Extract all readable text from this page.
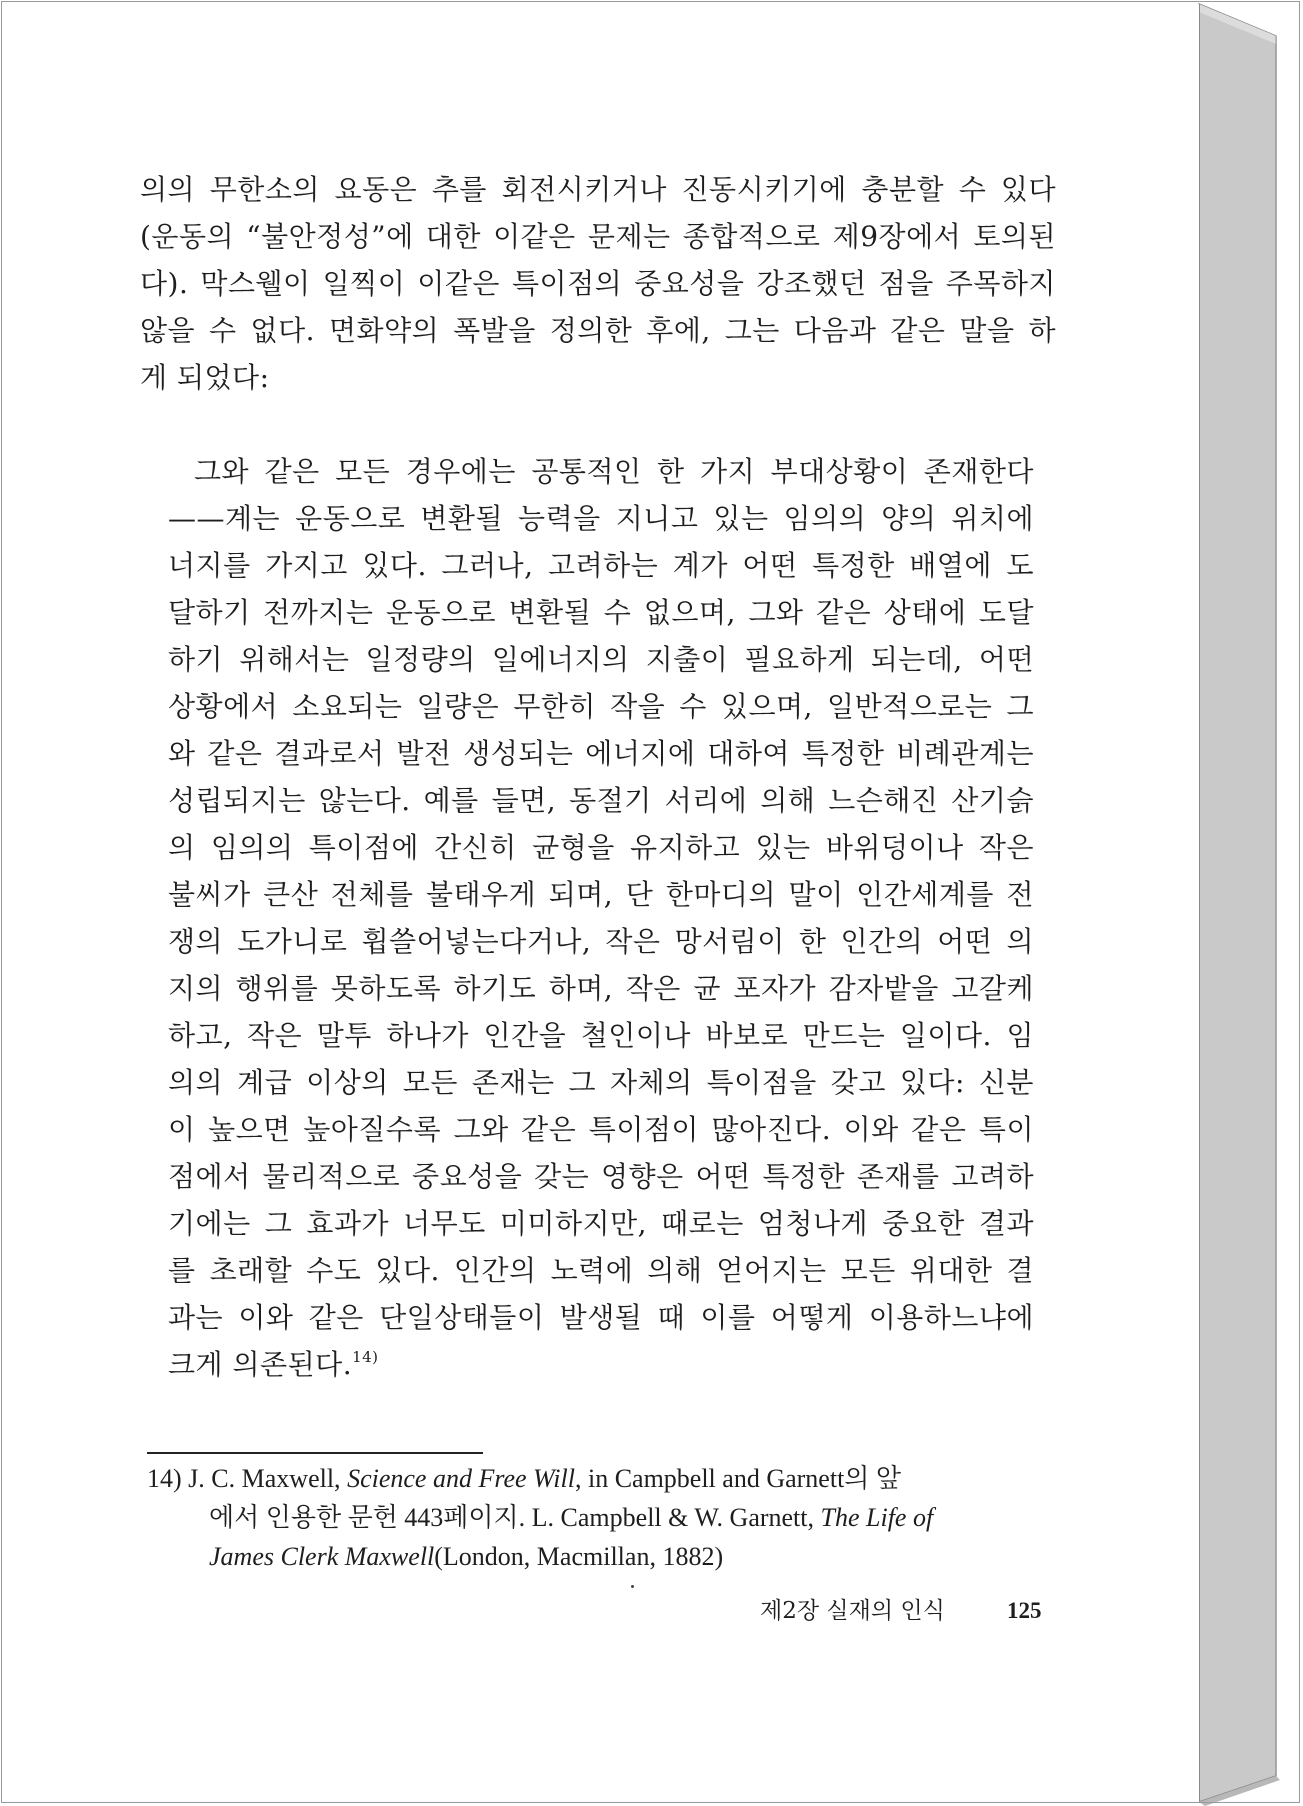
의의 무한소의 요동은 추를 회전시키거나 진동시키기에 충분할 수 있다
(운동의 “불안정성”에 대한 이같은 문제는 종합적으로 제9장에서 토의된
다). 막스웰이 일찍이 이같은 특이점의 중요성을 강조했던 점을 주목하지
않을 수 없다. 면화약의 폭발을 정의한 후에, 그는 다음과 같은 말을 하
게 되었다:
그와 같은 모든 경우에는 공통적인 한 가지 부대상황이 존재한다
——계는 운동으로 변환될 능력을 지니고 있는 임의의 양의 위치에
너지를 가지고 있다. 그러나, 고려하는 계가 어떤 특정한 배열에 도
달하기 전까지는 운동으로 변환될 수 없으며, 그와 같은 상태에 도달
하기 위해서는 일정량의 일에너지의 지출이 필요하게 되는데, 어떤
상황에서 소요되는 일량은 무한히 작을 수 있으며, 일반적으로는 그
와 같은 결과로서 발전 생성되는 에너지에 대하여 특정한 비례관계는
성립되지는 않는다. 예를 들면, 동절기 서리에 의해 느슨해진 산기슭
의 임의의 특이점에 간신히 균형을 유지하고 있는 바위덩이나 작은
불씨가 큰산 전체를 불태우게 되며, 단 한마디의 말이 인간세계를 전
쟁의 도가니로 휩쓸어넣는다거나, 작은 망서림이 한 인간의 어떤 의
지의 행위를 못하도록 하기도 하며, 작은 균 포자가 감자밭을 고갈케
하고, 작은 말투 하나가 인간을 철인이나 바보로 만드는 일이다. 임
의의 계급 이상의 모든 존재는 그 자체의 특이점을 갖고 있다: 신분
이 높으면 높아질수록 그와 같은 특이점이 많아진다. 이와 같은 특이
점에서 물리적으로 중요성을 갖는 영향은 어떤 특정한 존재를 고려하
기에는 그 효과가 너무도 미미하지만, 때로는 엄청나게 중요한 결과
를 초래할 수도 있다. 인간의 노력에 의해 얻어지는 모든 위대한 결
과는 이와 같은 단일상태들이 발생될 때 이를 어떻게 이용하느냐에
크게 의존된다.$^{14)}$
14) J. C. Maxwell, Science and Free Will, in Campbell and Garnett의 앞
에서 인용한 문헌 443페이지. L. Campbell & W. Garnett, The Life of
James Clerk Maxwell(London, Macmillan, 1882)
제2장 실재의 인식	125
